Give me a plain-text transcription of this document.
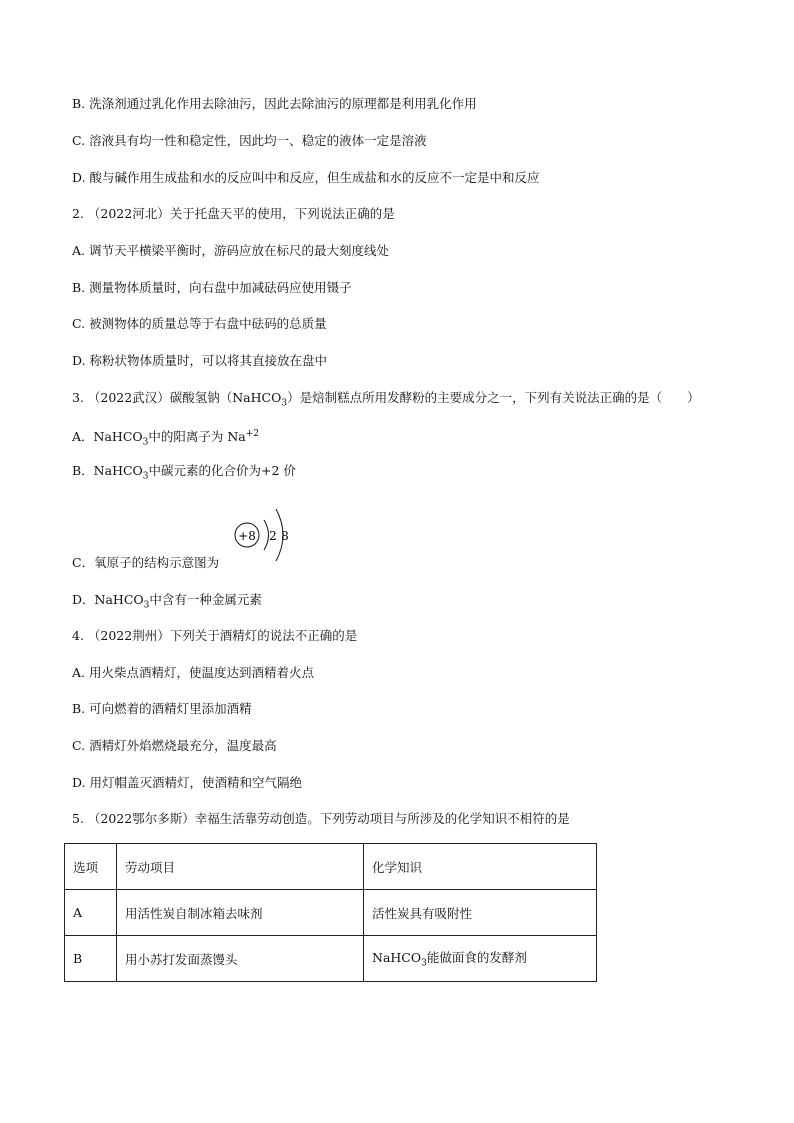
B. 洗涤剂通过乳化作用去除油污，因此去除油污的原理都是利用乳化作用
C. 溶液具有均一性和稳定性，因此均一、稳定的液体一定是溶液
D. 酸与碱作用生成盐和水的反应叫中和反应，但生成盐和水的反应不一定是中和反应
2. （2022河北）关于托盘天平的使用，下列说法正确的是
A. 调节天平横梁平衡时，游码应放在标尺的最大刻度线处
B. 测量物体质量时，向右盘中加减砝码应使用镊子
C. 被测物体的质量总等于右盘中砝码的总质量
D. 称粉状物体质量时，可以将其直接放在盘中
3. （2022武汉）碳酸氢钠（NaHCO$_3$）是焙制糕点所用发酵粉的主要成分之一，下列有关说法正确的是（　　）
A．NaHCO$_3$中的阳离子为 $Na^{+2}$
B．NaHCO$_3$中碳元素的化合价为+2 价
+8 2 8
C．氧原子的结构示意图为
D．NaHCO$_3$中含有一种金属元素
4. （2022荆州）下列关于酒精灯的说法不正确的是
A. 用火柴点酒精灯，使温度达到酒精着火点
B. 可向燃着的酒精灯里添加酒精
C. 酒精灯外焰燃烧最充分，温度最高
D. 用灯帽盖灭酒精灯，使酒精和空气隔绝
5. （2022鄂尔多斯）幸福生活靠劳动创造。下列劳动项目与所涉及的化学知识不相符的是
选项	劳动项目	化学知识
A	用活性炭自制冰箱去味剂	活性炭具有吸附性
B	用小苏打发面蒸馒头	NaHCO$_3$能做面食的发酵剂
